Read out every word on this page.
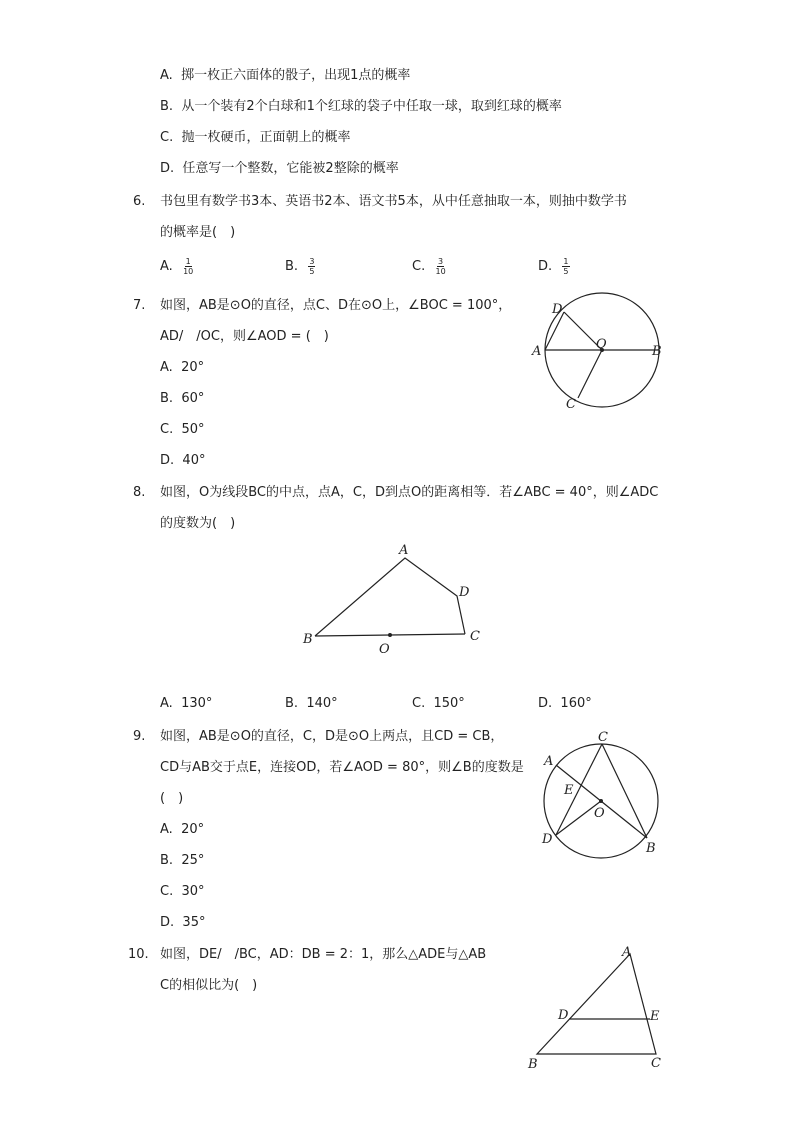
A. 掷一枚正六面体的骰子，出现1点的概率
B. 从一个装有2个白球和1个红球的袋子中任取一球，取到红球的概率
C. 抛一枚硬币，正面朝上的概率
D. 任意写一个整数，它能被2整除的概率
6. 书包里有数学书3本、英语书2本、语文书5本，从中任意抽取一本，则抽中数学书
的概率是(　)
A. $\frac{1}{10}$	B. $\frac{3}{5}$	C. $\frac{3}{10}$	D. $\frac{1}{5}$
7. 如图，AB是⊙O的直径，点C、D在⊙O上，∠BOC = 100°，
AD/　/OC，则∠AOD = (　)
A. 20°
B. 60°
C. 50°
D. 40°
A	B
C
D
O
8. 如图，O为线段BC的中点，点A，C，D到点O的距离相等．若∠ABC = 40°，则∠ADC
的度数为(　)
A
B	C
D
O
A. 130°	B. 140°	C. 150°	D. 160°
9. 如图，AB是⊙O的直径，C，D是⊙O上两点，且CD = CB，
CD与AB交于点E，连接OD，若∠AOD = 80°，则∠B的度数是
(　)
A. 20°
B. 25°
C. 30°
D. 35°
A
B
C
D
E
O
10. 如图，DE/　/BC，AD：DB = 2：1，那么△ADE与△AB
C的相似比为(　)
A
B	C
D	E
